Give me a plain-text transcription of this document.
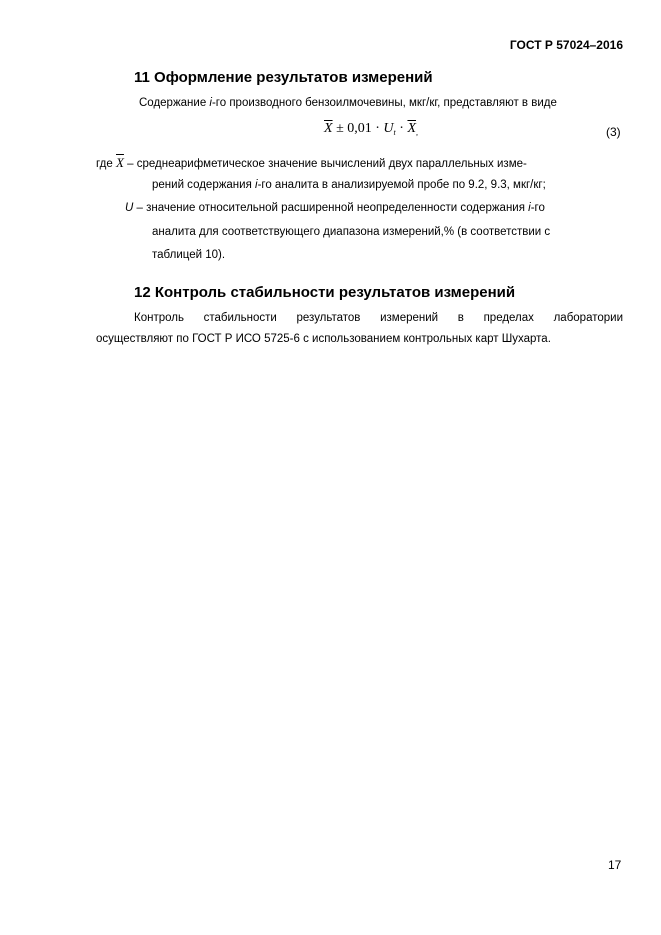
ГОСТ Р 57024–2016
11 Оформление результатов измерений
Содержание i-го производного бензоилмочевины, мкг/кг, представляют в виде
$\overline{X} \pm 0,01 \cdot U_t \cdot \overline{X}_,$	(3)
где $\overline{X}$ – среднеарифметическое значение вычислений двух параллельных изме-
рений содержания i-го аналита в анализируемой пробе по 9.2, 9.3, мкг/кг;
U – значение относительной расширенной неопределенности содержания i-го
аналита для соответствующего диапазона измерений,% (в соответствии с
таблицей 10).
12 Контроль стабильности результатов измерений
Контроль стабильности результатов измерений в пределах лаборатории
осуществляют по ГОСТ Р ИСО 5725-6 с использованием контрольных карт Шухарта.
17
